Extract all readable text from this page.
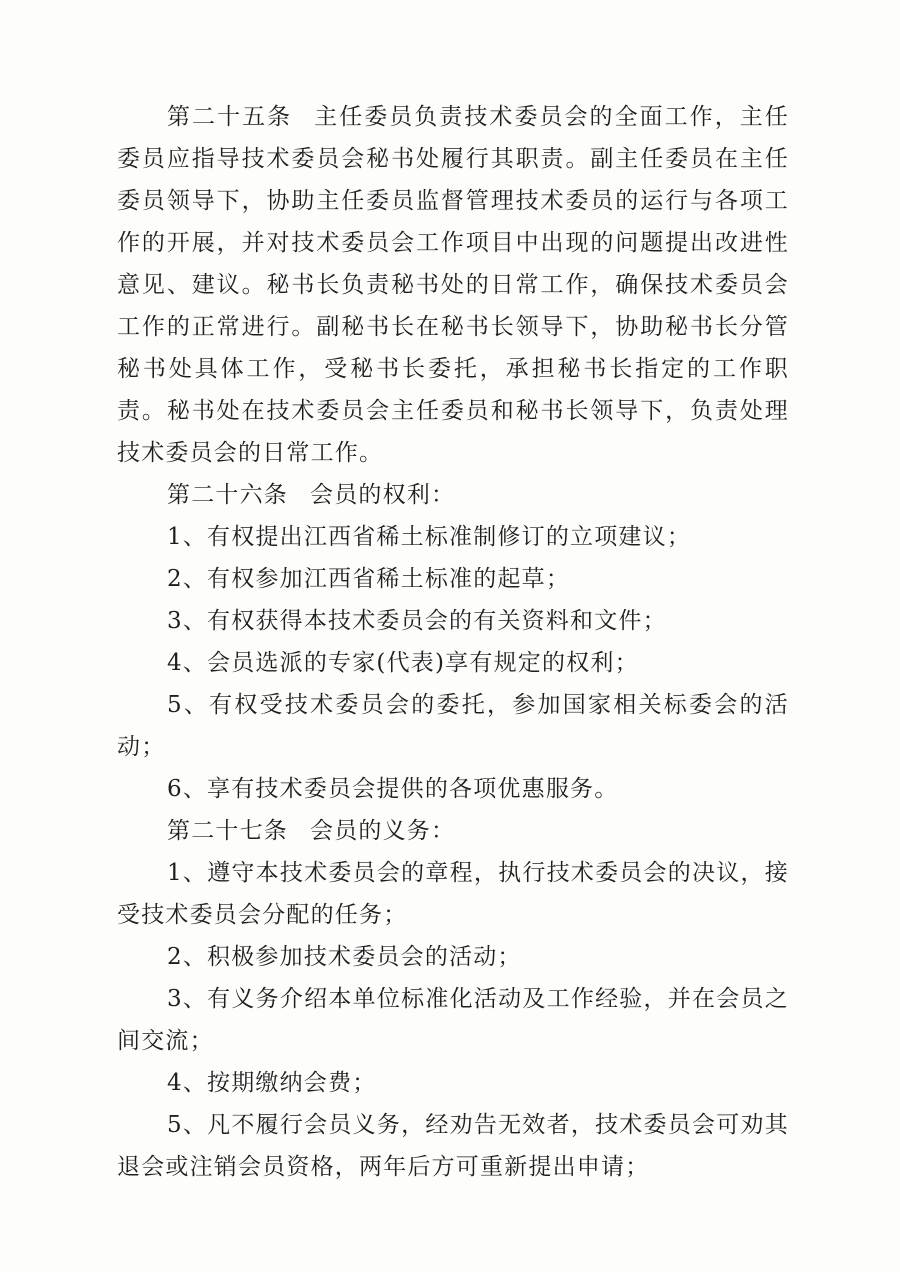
第二十五条 主任委员负责技术委员会的全面工作，主任委员应指导技术委员会秘书处履行其职责。副主任委员在主任委员领导下，协助主任委员监督管理技术委员的运行与各项工作的开展，并对技术委员会工作项目中出现的问题提出改进性意见、建议。秘书长负责秘书处的日常工作，确保技术委员会工作的正常进行。副秘书长在秘书长领导下，协助秘书长分管秘书处具体工作，受秘书长委托，承担秘书长指定的工作职责。秘书处在技术委员会主任委员和秘书长领导下，负责处理技术委员会的日常工作。

第二十六条 会员的权利：

1、有权提出江西省稀土标准制修订的立项建议；

2、有权参加江西省稀土标准的起草；

3、有权获得本技术委员会的有关资料和文件；

4、会员选派的专家(代表)享有规定的权利；

5、有权受技术委员会的委托，参加国家相关标委会的活动；

6、享有技术委员会提供的各项优惠服务。

第二十七条 会员的义务：

1、遵守本技术委员会的章程，执行技术委员会的决议，接受技术委员会分配的任务；

2、积极参加技术委员会的活动；

3、有义务介绍本单位标准化活动及工作经验，并在会员之间交流；

4、按期缴纳会费；

5、凡不履行会员义务，经劝告无效者，技术委员会可劝其退会或注销会员资格，两年后方可重新提出申请；
